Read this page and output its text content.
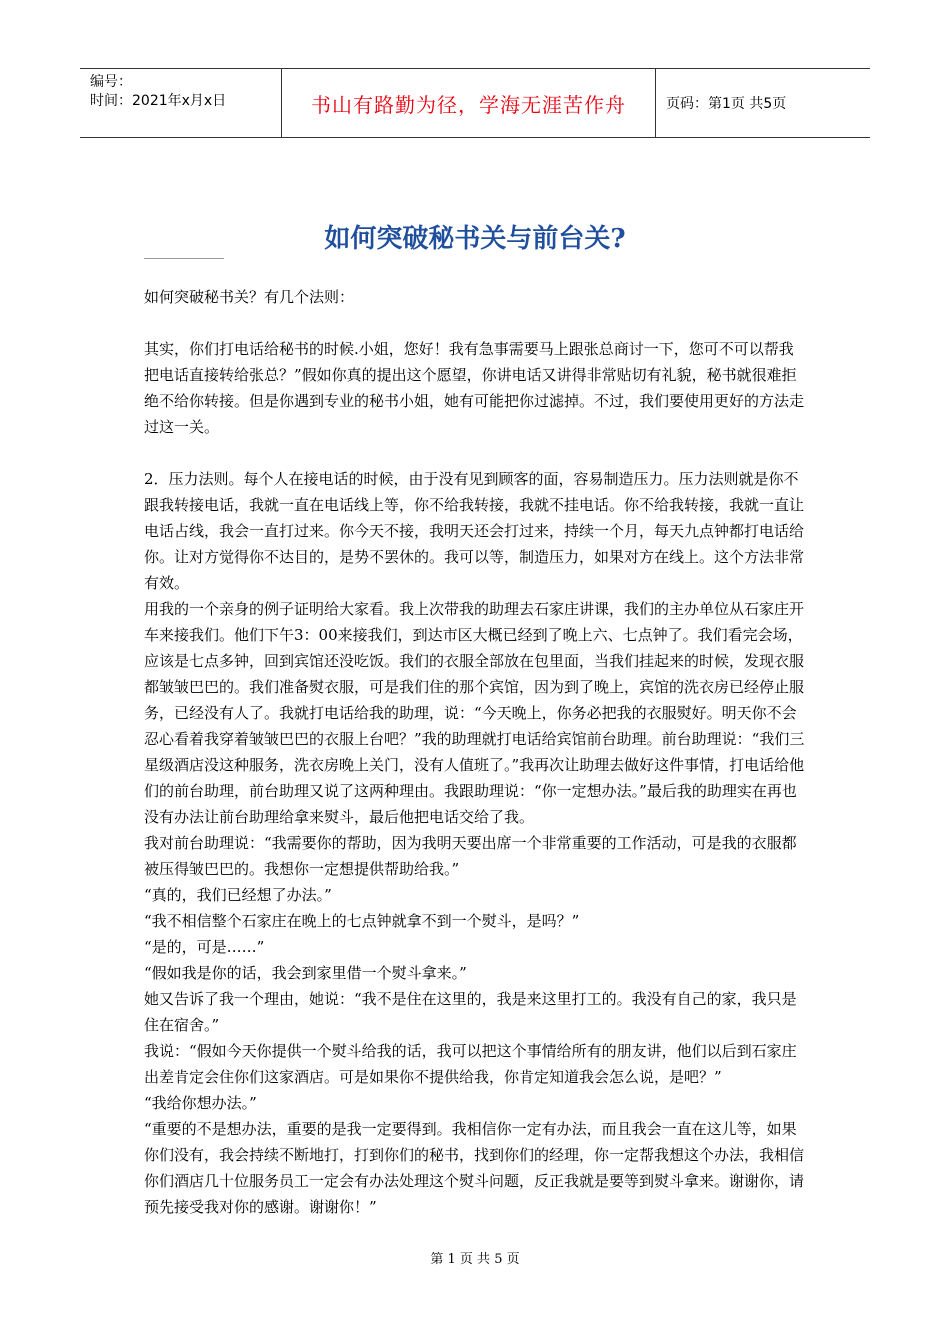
编号：
时间：2021年x月x日	书山有路勤为径，学海无涯苦作舟	页码：第1页 共5页
如何突破秘书关与前台关?

如何突破秘书关？有几个法则：

其实，你们打电话给秘书的时候.小姐，您好！我有急事需要马上跟张总商讨一下，您可不可以帮我把电话直接转给张总？”假如你真的提出这个愿望，你讲电话又讲得非常贴切有礼貌，秘书就很难拒绝不给你转接。但是你遇到专业的秘书小姐，她有可能把你过滤掉。不过，我们要使用更好的方法走过这一关。

2．压力法则。每个人在接电话的时候，由于没有见到顾客的面，容易制造压力。压力法则就是你不跟我转接电话，我就一直在电话线上等，你不给我转接，我就不挂电话。你不给我转接，我就一直让电话占线，我会一直打过来。你今天不接，我明天还会打过来，持续一个月，每天九点钟都打电话给你。让对方觉得你不达目的，是势不罢休的。我可以等，制造压力，如果对方在线上。这个方法非常有效。

用我的一个亲身的例子证明给大家看。我上次带我的助理去石家庄讲课，我们的主办单位从石家庄开车来接我们。他们下午3：00来接我们，到达市区大概已经到了晚上六、七点钟了。我们看完会场，应该是七点多钟，回到宾馆还没吃饭。我们的衣服全部放在包里面，当我们挂起来的时候，发现衣服都皱皱巴巴的。我们准备熨衣服，可是我们住的那个宾馆，因为到了晚上，宾馆的洗衣房已经停止服务，已经没有人了。我就打电话给我的助理，说：“今天晚上，你务必把我的衣服熨好。明天你不会忍心看着我穿着皱皱巴巴的衣服上台吧？”我的助理就打电话给宾馆前台助理。前台助理说：“我们三星级酒店没这种服务，洗衣房晚上关门，没有人值班了。”我再次让助理去做好这件事情，打电话给他们的前台助理，前台助理又说了这两种理由。我跟助理说：“你一定想办法。”最后我的助理实在再也没有办法让前台助理给拿来熨斗，最后他把电话交给了我。

我对前台助理说：“我需要你的帮助，因为我明天要出席一个非常重要的工作活动，可是我的衣服都被压得皱巴巴的。我想你一定想提供帮助给我。”

“真的，我们已经想了办法。”

“我不相信整个石家庄在晚上的七点钟就拿不到一个熨斗，是吗？”

“是的，可是……”

“假如我是你的话，我会到家里借一个熨斗拿来。”

她又告诉了我一个理由，她说：“我不是住在这里的，我是来这里打工的。我没有自己的家，我只是住在宿舍。”

我说：“假如今天你提供一个熨斗给我的话，我可以把这个事情给所有的朋友讲，他们以后到石家庄出差肯定会住你们这家酒店。可是如果你不提供给我，你肯定知道我会怎么说，是吧？”

“我给你想办法。”

“重要的不是想办法，重要的是我一定要得到。我相信你一定有办法，而且我会一直在这儿等，如果你们没有，我会持续不断地打，打到你们的秘书，找到你们的经理，你一定帮我想这个办法，我相信你们酒店几十位服务员工一定会有办法处理这个熨斗问题，反正我就是要等到熨斗拿来。谢谢你，请预先接受我对你的感谢。谢谢你！”

第 1 页 共 5 页
